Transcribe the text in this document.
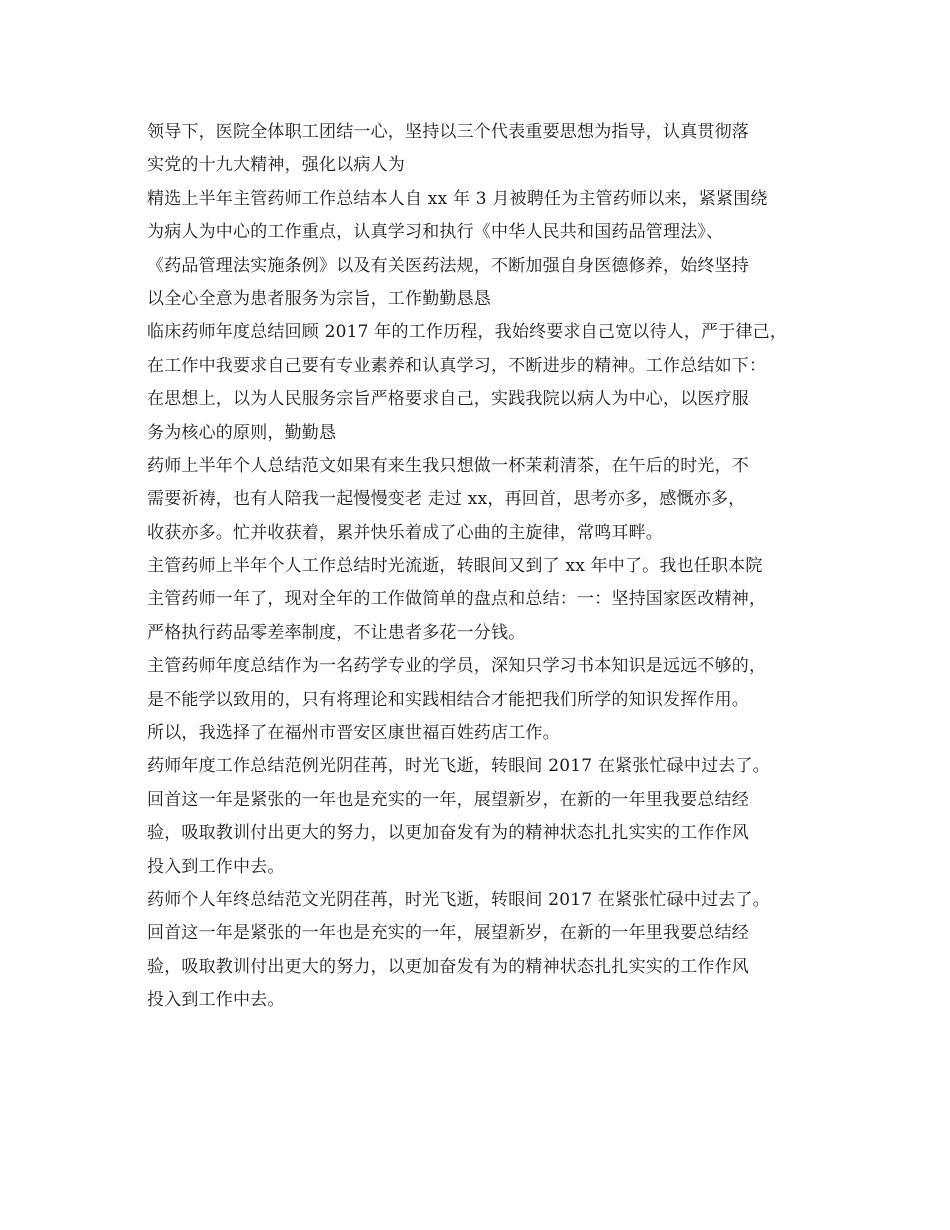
领导下，医院全体职工团结一心，坚持以三个代表重要思想为指导，认真贯彻落
实党的十九大精神，强化以病人为
精选上半年主管药师工作总结本人自 xx 年 3 月被聘任为主管药师以来，紧紧围绕
为病人为中心的工作重点，认真学习和执行《中华人民共和国药品管理法》、
《药品管理法实施条例》以及有关医药法规，不断加强自身医德修养，始终坚持
以全心全意为患者服务为宗旨，工作勤勤恳恳
临床药师年度总结回顾 2017 年的工作历程，我始终要求自己宽以待人，严于律己，
在工作中我要求自己要有专业素养和认真学习，不断进步的精神。工作总结如下：
在思想上，以为人民服务宗旨严格要求自己，实践我院以病人为中心，以医疗服
务为核心的原则，勤勤恳
药师上半年个人总结范文如果有来生我只想做一杯茉莉清茶，在午后的时光，不
需要祈祷，也有人陪我一起慢慢变老 走过 xx，再回首，思考亦多，感慨亦多，
收获亦多。忙并收获着，累并快乐着成了心曲的主旋律，常鸣耳畔。
主管药师上半年个人工作总结时光流逝，转眼间又到了 xx 年中了。我也任职本院
主管药师一年了，现对全年的工作做简单的盘点和总结：一：坚持国家医改精神，
严格执行药品零差率制度，不让患者多花一分钱。
主管药师年度总结作为一名药学专业的学员，深知只学习书本知识是远远不够的，
是不能学以致用的，只有将理论和实践相结合才能把我们所学的知识发挥作用。
所以，我选择了在福州市晋安区康世福百姓药店工作。
药师年度工作总结范例光阴荏苒，时光飞逝，转眼间 2017 在紧张忙碌中过去了。
回首这一年是紧张的一年也是充实的一年，展望新岁，在新的一年里我要总结经
验，吸取教训付出更大的努力，以更加奋发有为的精神状态扎扎实实的工作作风
投入到工作中去。
药师个人年终总结范文光阴荏苒，时光飞逝，转眼间 2017 在紧张忙碌中过去了。
回首这一年是紧张的一年也是充实的一年，展望新岁，在新的一年里我要总结经
验，吸取教训付出更大的努力，以更加奋发有为的精神状态扎扎实实的工作作风
投入到工作中去。
